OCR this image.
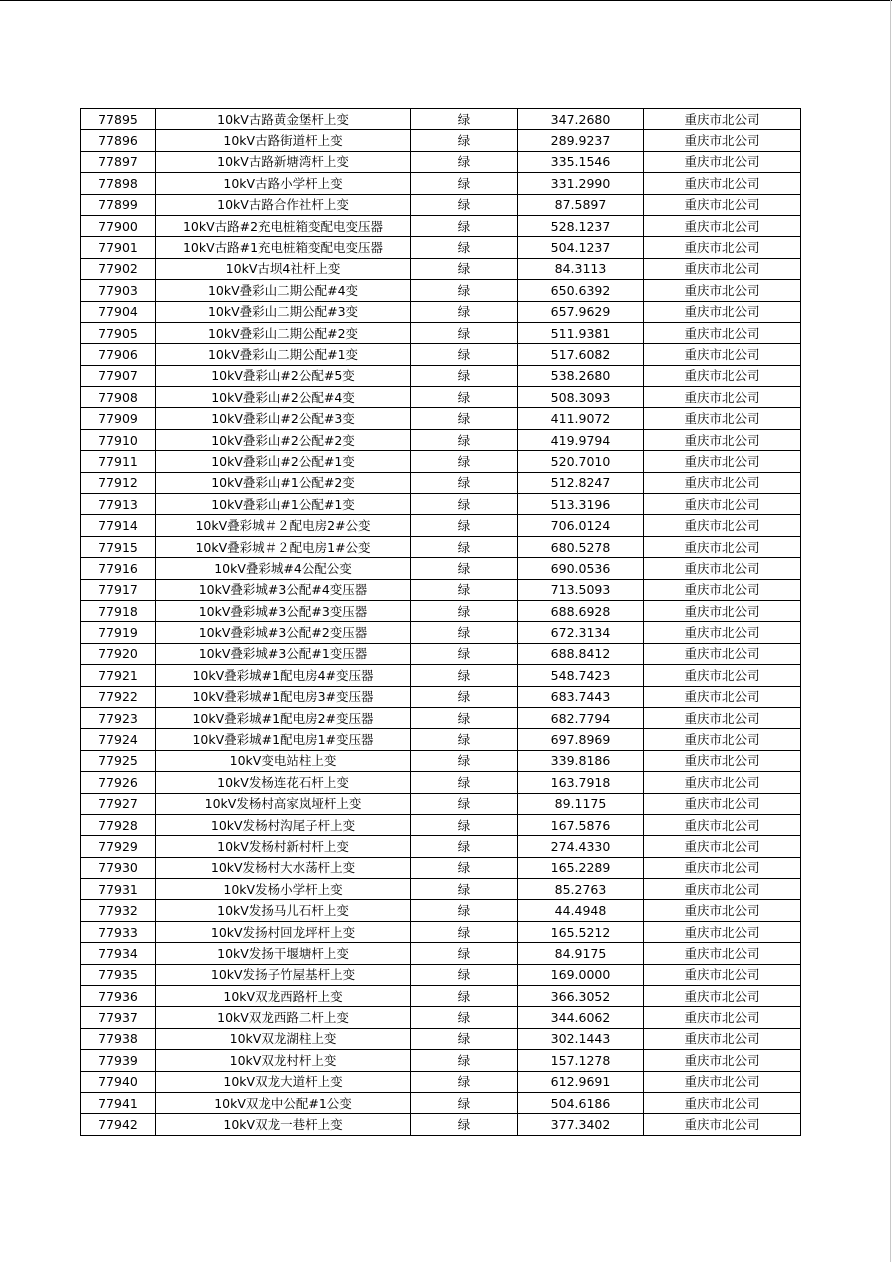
77895	10kV古路黄金堡杆上变	绿	347.2680	重庆市北公司
77896	10kV古路街道杆上变	绿	289.9237	重庆市北公司
77897	10kV古路新塘湾杆上变	绿	335.1546	重庆市北公司
77898	10kV古路小学杆上变	绿	331.2990	重庆市北公司
77899	10kV古路合作社杆上变	绿	87.5897	重庆市北公司
77900	10kV古路#2充电桩箱变配电变压器	绿	528.1237	重庆市北公司
77901	10kV古路#1充电桩箱变配电变压器	绿	504.1237	重庆市北公司
77902	10kV古坝4社杆上变	绿	84.3113	重庆市北公司
77903	10kV叠彩山二期公配#4变	绿	650.6392	重庆市北公司
77904	10kV叠彩山二期公配#3变	绿	657.9629	重庆市北公司
77905	10kV叠彩山二期公配#2变	绿	511.9381	重庆市北公司
77906	10kV叠彩山二期公配#1变	绿	517.6082	重庆市北公司
77907	10kV叠彩山#2公配#5变	绿	538.2680	重庆市北公司
77908	10kV叠彩山#2公配#4变	绿	508.3093	重庆市北公司
77909	10kV叠彩山#2公配#3变	绿	411.9072	重庆市北公司
77910	10kV叠彩山#2公配#2变	绿	419.9794	重庆市北公司
77911	10kV叠彩山#2公配#1变	绿	520.7010	重庆市北公司
77912	10kV叠彩山#1公配#2变	绿	512.8247	重庆市北公司
77913	10kV叠彩山#1公配#1变	绿	513.3196	重庆市北公司
77914	10kV叠彩城＃２配电房2#公变	绿	706.0124	重庆市北公司
77915	10kV叠彩城＃２配电房1#公变	绿	680.5278	重庆市北公司
77916	10kV叠彩城#4公配公变	绿	690.0536	重庆市北公司
77917	10kV叠彩城#3公配#4变压器	绿	713.5093	重庆市北公司
77918	10kV叠彩城#3公配#3变压器	绿	688.6928	重庆市北公司
77919	10kV叠彩城#3公配#2变压器	绿	672.3134	重庆市北公司
77920	10kV叠彩城#3公配#1变压器	绿	688.8412	重庆市北公司
77921	10kV叠彩城#1配电房4#变压器	绿	548.7423	重庆市北公司
77922	10kV叠彩城#1配电房3#变压器	绿	683.7443	重庆市北公司
77923	10kV叠彩城#1配电房2#变压器	绿	682.7794	重庆市北公司
77924	10kV叠彩城#1配电房1#变压器	绿	697.8969	重庆市北公司
77925	10kV变电站柱上变	绿	339.8186	重庆市北公司
77926	10kV发杨连花石杆上变	绿	163.7918	重庆市北公司
77927	10kV发杨村高家岚垭杆上变	绿	89.1175	重庆市北公司
77928	10kV发杨村沟尾子杆上变	绿	167.5876	重庆市北公司
77929	10kV发杨村新村杆上变	绿	274.4330	重庆市北公司
77930	10kV发杨村大水荡杆上变	绿	165.2289	重庆市北公司
77931	10kV发杨小学杆上变	绿	85.2763	重庆市北公司
77932	10kV发扬马儿石杆上变	绿	44.4948	重庆市北公司
77933	10kV发扬村回龙坪杆上变	绿	165.5212	重庆市北公司
77934	10kV发扬干堰塘杆上变	绿	84.9175	重庆市北公司
77935	10kV发扬子竹屋基杆上变	绿	169.0000	重庆市北公司
77936	10kV双龙西路杆上变	绿	366.3052	重庆市北公司
77937	10kV双龙西路二杆上变	绿	344.6062	重庆市北公司
77938	10kV双龙湖柱上变	绿	302.1443	重庆市北公司
77939	10kV双龙村杆上变	绿	157.1278	重庆市北公司
77940	10kV双龙大道杆上变	绿	612.9691	重庆市北公司
77941	10kV双龙中公配#1公变	绿	504.6186	重庆市北公司
77942	10kV双龙一巷杆上变	绿	377.3402	重庆市北公司
